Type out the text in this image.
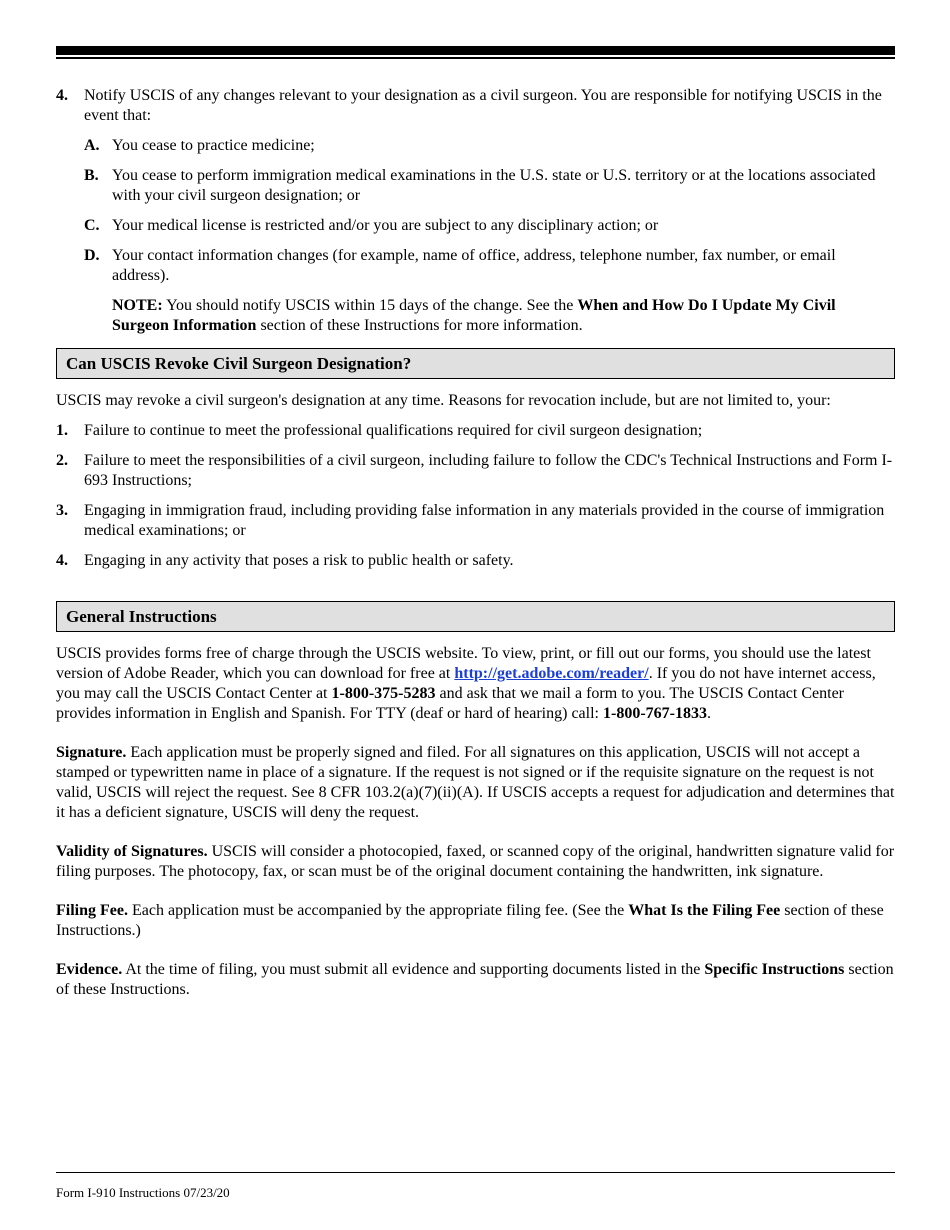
4. Notify USCIS of any changes relevant to your designation as a civil surgeon. You are responsible for notifying USCIS in the event that:

A. You cease to practice medicine;

B. You cease to perform immigration medical examinations in the U.S. state or U.S. territory or at the locations associated with your civil surgeon designation; or

C. Your medical license is restricted and/or you are subject to any disciplinary action; or

D. Your contact information changes (for example, name of office, address, telephone number, fax number, or email address).

NOTE: You should notify USCIS within 15 days of the change. See the When and How Do I Update My Civil Surgeon Information section of these Instructions for more information.

Can USCIS Revoke Civil Surgeon Designation?

USCIS may revoke a civil surgeon's designation at any time. Reasons for revocation include, but are not limited to, your:

1. Failure to continue to meet the professional qualifications required for civil surgeon designation;

2. Failure to meet the responsibilities of a civil surgeon, including failure to follow the CDC's Technical Instructions and Form I-693 Instructions;

3. Engaging in immigration fraud, including providing false information in any materials provided in the course of immigration medical examinations; or

4. Engaging in any activity that poses a risk to public health or safety.

General Instructions

USCIS provides forms free of charge through the USCIS website. To view, print, or fill out our forms, you should use the latest version of Adobe Reader, which you can download for free at http://get.adobe.com/reader/. If you do not have internet access, you may call the USCIS Contact Center at 1-800-375-5283 and ask that we mail a form to you. The USCIS Contact Center provides information in English and Spanish. For TTY (deaf or hard of hearing) call: 1-800-767-1833.

Signature. Each application must be properly signed and filed. For all signatures on this application, USCIS will not accept a stamped or typewritten name in place of a signature. If the request is not signed or if the requisite signature on the request is not valid, USCIS will reject the request. See 8 CFR 103.2(a)(7)(ii)(A). If USCIS accepts a request for adjudication and determines that it has a deficient signature, USCIS will deny the request.

Validity of Signatures. USCIS will consider a photocopied, faxed, or scanned copy of the original, handwritten signature valid for filing purposes. The photocopy, fax, or scan must be of the original document containing the handwritten, ink signature.

Filing Fee. Each application must be accompanied by the appropriate filing fee. (See the What Is the Filing Fee section of these Instructions.)

Evidence. At the time of filing, you must submit all evidence and supporting documents listed in the Specific Instructions section of these Instructions.

Form I-910 Instructions 07/23/20
